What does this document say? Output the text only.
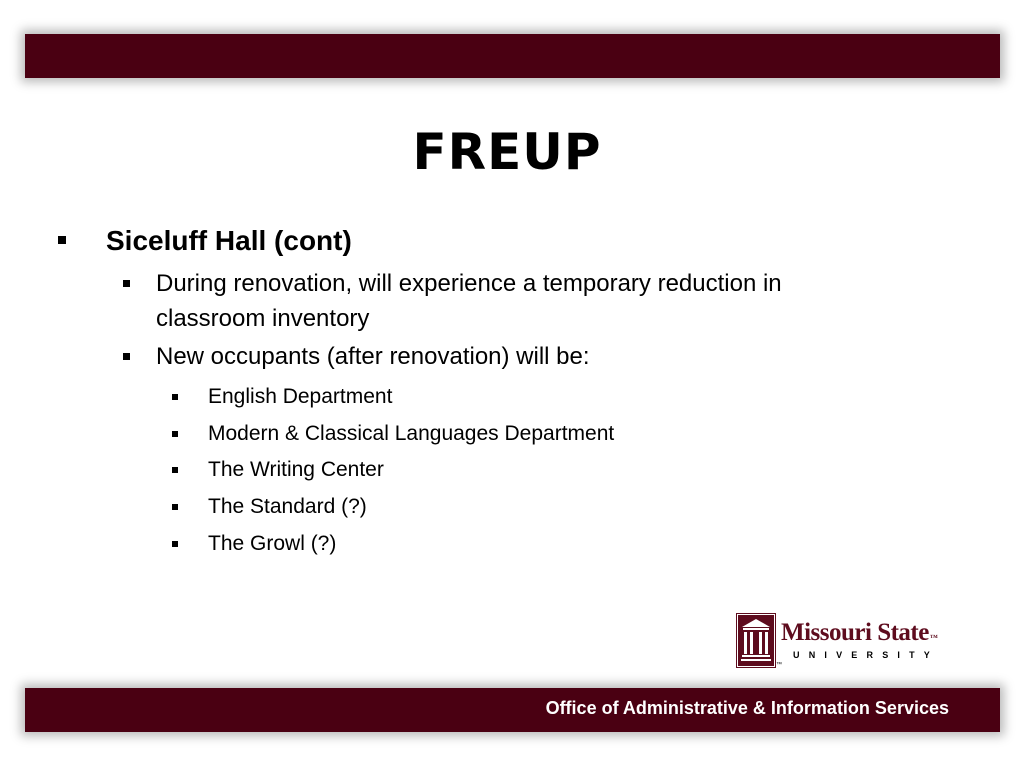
FREUP
Siceluff Hall (cont)
During renovation, will experience a temporary reduction in
classroom inventory
New occupants (after renovation) will be:
English Department
Modern & Classical Languages Department
The Writing Center
The Standard (?)
The Growl (?)
Missouri State™
UNIVERSITY
™
Office of Administrative & Information Services
